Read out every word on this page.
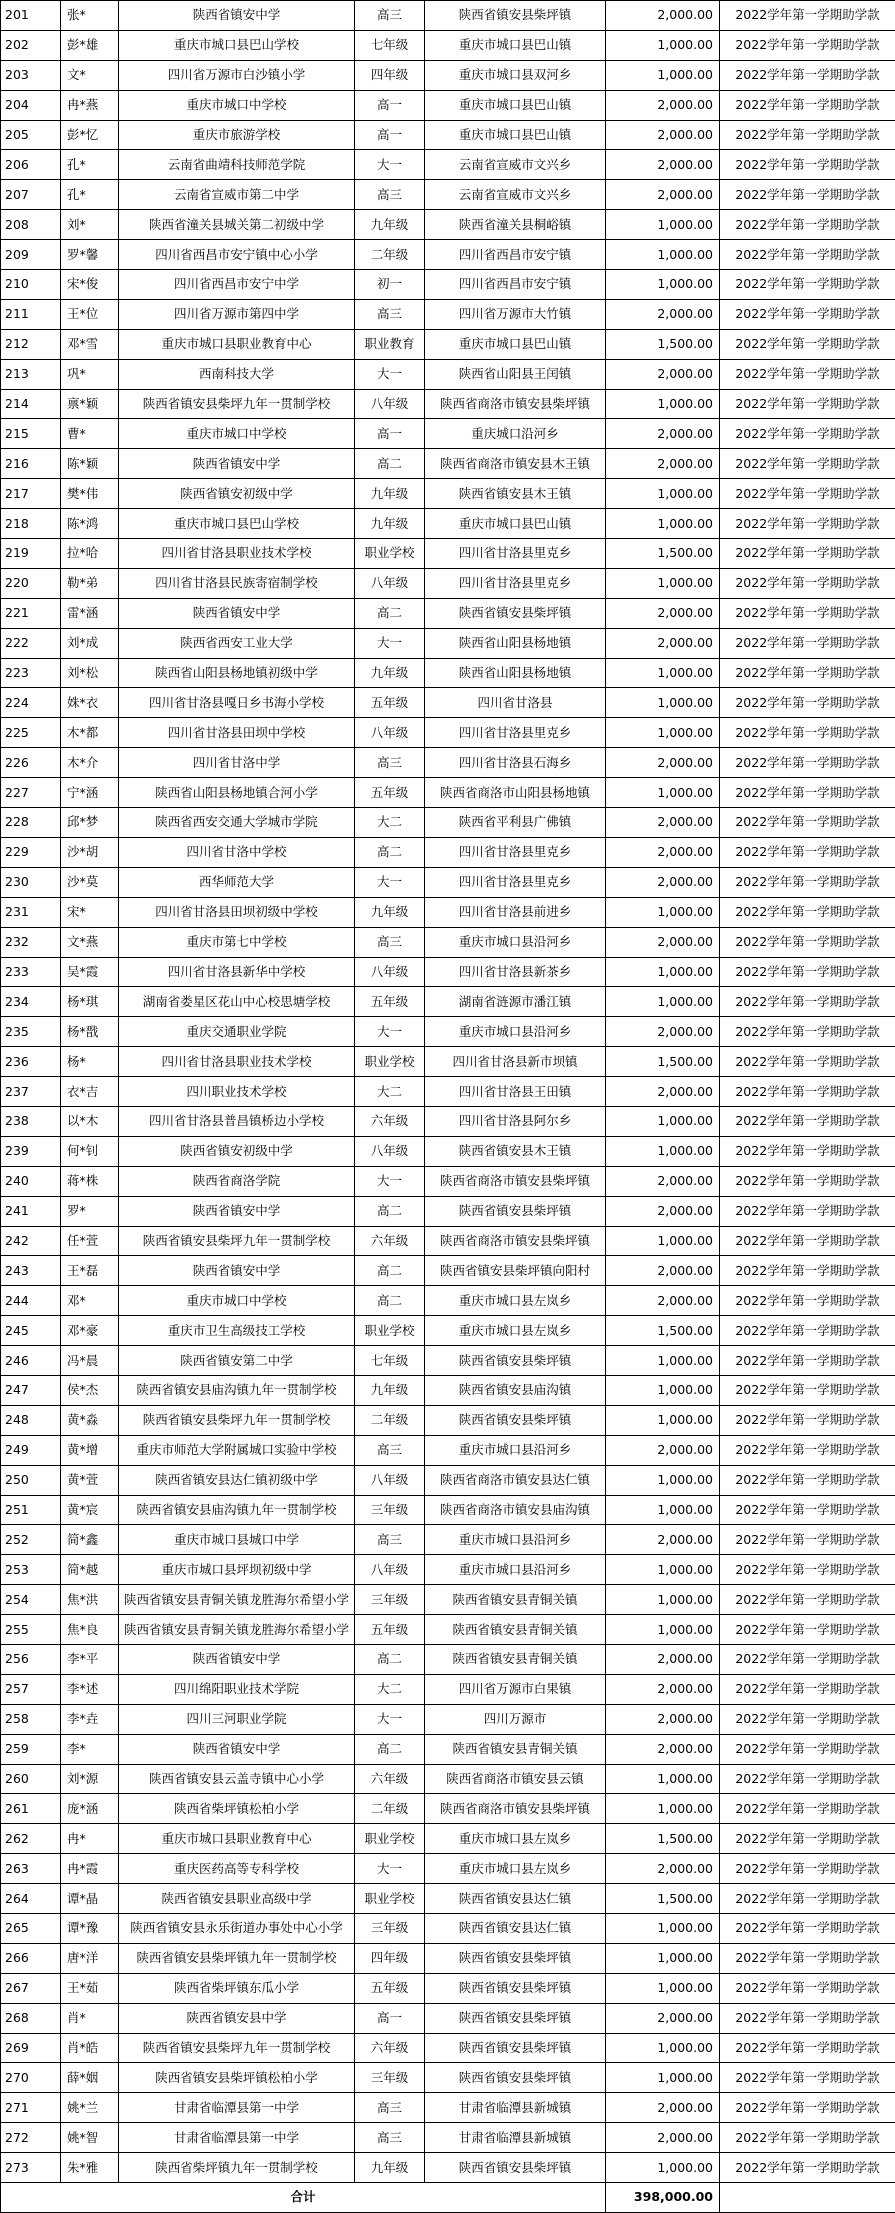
201	张*	陕西省镇安中学	高三	陕西省镇安县柴坪镇	2,000.00	2022学年第一学期助学款
202	彭*雄	重庆市城口县巴山学校	七年级	重庆市城口县巴山镇	1,000.00	2022学年第一学期助学款
203	文*	四川省万源市白沙镇小学	四年级	重庆市城口县双河乡	1,000.00	2022学年第一学期助学款
204	冉*燕	重庆市城口中学校	高一	重庆市城口县巴山镇	2,000.00	2022学年第一学期助学款
205	彭*忆	重庆市旅游学校	高一	重庆市城口县巴山镇	2,000.00	2022学年第一学期助学款
206	孔*	云南省曲靖科技师范学院	大一	云南省宣威市文兴乡	2,000.00	2022学年第一学期助学款
207	孔*	云南省宣威市第二中学	高三	云南省宣威市文兴乡	2,000.00	2022学年第一学期助学款
208	刘*	陕西省潼关县城关第二初级中学	九年级	陕西省潼关县桐峪镇	1,000.00	2022学年第一学期助学款
209	罗*馨	四川省西昌市安宁镇中心小学	二年级	四川省西昌市安宁镇	1,000.00	2022学年第一学期助学款
210	宋*俊	四川省西昌市安宁中学	初一	四川省西昌市安宁镇	1,000.00	2022学年第一学期助学款
211	王*位	四川省万源市第四中学	高三	四川省万源市大竹镇	2,000.00	2022学年第一学期助学款
212	邓*雪	重庆市城口县职业教育中心	职业教育	重庆市城口县巴山镇	1,500.00	2022学年第一学期助学款
213	巩*	西南科技大学	大一	陕西省山阳县王闰镇	2,000.00	2022学年第一学期助学款
214	禀*颖	陕西省镇安县柴坪九年一贯制学校	八年级	陕西省商洛市镇安县柴坪镇	1,000.00	2022学年第一学期助学款
215	曹*	重庆市城口中学校	高一	重庆城口沿河乡	2,000.00	2022学年第一学期助学款
216	陈*颖	陕西省镇安中学	高二	陕西省商洛市镇安县木王镇	2,000.00	2022学年第一学期助学款
217	樊*伟	陕西省镇安初级中学	九年级	陕西省镇安县木王镇	1,000.00	2022学年第一学期助学款
218	陈*鸿	重庆市城口县巴山学校	九年级	重庆市城口县巴山镇	1,000.00	2022学年第一学期助学款
219	拉*哈	四川省甘洛县职业技术学校	职业学校	四川省甘洛县里克乡	1,500.00	2022学年第一学期助学款
220	勒*弟	四川省甘洛县民族寄宿制学校	八年级	四川省甘洛县里克乡	1,000.00	2022学年第一学期助学款
221	雷*涵	陕西省镇安中学	高二	陕西省镇安县柴坪镇	2,000.00	2022学年第一学期助学款
222	刘*成	陕西省西安工业大学	大一	陕西省山阳县杨地镇	2,000.00	2022学年第一学期助学款
223	刘*松	陕西省山阳县杨地镇初级中学	九年级	陕西省山阳县杨地镇	1,000.00	2022学年第一学期助学款
224	姝*衣	四川省甘洛县嘎日乡书海小学校	五年级	四川省甘洛县	1,000.00	2022学年第一学期助学款
225	木*都	四川省甘洛县田坝中学校	八年级	四川省甘洛县里克乡	1,000.00	2022学年第一学期助学款
226	木*介	四川省甘洛中学	高三	四川省甘洛县石海乡	2,000.00	2022学年第一学期助学款
227	宁*涵	陕西省山阳县杨地镇合河小学	五年级	陕西省商洛市山阳县杨地镇	1,000.00	2022学年第一学期助学款
228	邱*梦	陕西省西安交通大学城市学院	大二	陕西省平利县广佛镇	2,000.00	2022学年第一学期助学款
229	沙*胡	四川省甘洛中学校	高二	四川省甘洛县里克乡	2,000.00	2022学年第一学期助学款
230	沙*莫	西华师范大学	大一	四川省甘洛县里克乡	2,000.00	2022学年第一学期助学款
231	宋*	四川省甘洛县田坝初级中学校	九年级	四川省甘洛县前进乡	1,000.00	2022学年第一学期助学款
232	文*燕	重庆市第七中学校	高三	重庆市城口县沿河乡	2,000.00	2022学年第一学期助学款
233	吴*霞	四川省甘洛县新华中学校	八年级	四川省甘洛县新茶乡	1,000.00	2022学年第一学期助学款
234	杨*琪	湖南省娄星区花山中心校思塘学校	五年级	湖南省涟源市潘江镇	1,000.00	2022学年第一学期助学款
235	杨*戬	重庆交通职业学院	大一	重庆市城口县沿河乡	2,000.00	2022学年第一学期助学款
236	杨*	四川省甘洛县职业技术学校	职业学校	四川省甘洛县新市坝镇	1,500.00	2022学年第一学期助学款
237	衣*吉	四川职业技术学校	大二	四川省甘洛县王田镇	2,000.00	2022学年第一学期助学款
238	以*木	四川省甘洛县普昌镇桥边小学校	六年级	四川省甘洛县阿尔乡	1,000.00	2022学年第一学期助学款
239	何*钊	陕西省镇安初级中学	八年级	陕西省镇安县木王镇	1,000.00	2022学年第一学期助学款
240	蒋*株	陕西省商洛学院	大一	陕西省商洛市镇安县柴坪镇	2,000.00	2022学年第一学期助学款
241	罗*	陕西省镇安中学	高二	陕西省镇安县柴坪镇	2,000.00	2022学年第一学期助学款
242	任*萱	陕西省镇安县柴坪九年一贯制学校	六年级	陕西省商洛市镇安县柴坪镇	1,000.00	2022学年第一学期助学款
243	王*磊	陕西省镇安中学	高二	陕西省镇安县柴坪镇向阳村	2,000.00	2022学年第一学期助学款
244	邓*	重庆市城口中学校	高二	重庆市城口县左岚乡	2,000.00	2022学年第一学期助学款
245	邓*豪	重庆市卫生高级技工学校	职业学校	重庆市城口县左岚乡	1,500.00	2022学年第一学期助学款
246	冯*晨	陕西省镇安第二中学	七年级	陕西省镇安县柴坪镇	1,000.00	2022学年第一学期助学款
247	侯*杰	陕西省镇安县庙沟镇九年一贯制学校	九年级	陕西省镇安县庙沟镇	1,000.00	2022学年第一学期助学款
248	黄*淼	陕西省镇安县柴坪九年一贯制学校	二年级	陕西省镇安县柴坪镇	1,000.00	2022学年第一学期助学款
249	黄*增	重庆市师范大学附属城口实验中学校	高三	重庆市城口县沿河乡	2,000.00	2022学年第一学期助学款
250	黄*萱	陕西省镇安县达仁镇初级中学	八年级	陕西省商洛市镇安县达仁镇	1,000.00	2022学年第一学期助学款
251	黄*宸	陕西省镇安县庙沟镇九年一贯制学校	三年级	陕西省商洛市镇安县庙沟镇	1,000.00	2022学年第一学期助学款
252	简*鑫	重庆市城口县城口中学	高三	重庆市城口县沿河乡	2,000.00	2022学年第一学期助学款
253	简*越	重庆市城口县坪坝初级中学	八年级	重庆市城口县沿河乡	1,000.00	2022学年第一学期助学款
254	焦*洪	陕西省镇安县青铜关镇龙胜海尔希望小学	三年级	陕西省镇安县青铜关镇	1,000.00	2022学年第一学期助学款
255	焦*良	陕西省镇安县青铜关镇龙胜海尔希望小学	五年级	陕西省镇安县青铜关镇	1,000.00	2022学年第一学期助学款
256	李*平	陕西省镇安中学	高二	陕西省镇安县青铜关镇	2,000.00	2022学年第一学期助学款
257	李*述	四川绵阳职业技术学院	大二	四川省万源市白果镇	2,000.00	2022学年第一学期助学款
258	李*垚	四川三河职业学院	大一	四川万源市	2,000.00	2022学年第一学期助学款
259	李*	陕西省镇安中学	高二	陕西省镇安县青铜关镇	2,000.00	2022学年第一学期助学款
260	刘*源	陕西省镇安县云盖寺镇中心小学	六年级	陕西省商洛市镇安县云镇	1,000.00	2022学年第一学期助学款
261	庞*涵	陕西省柴坪镇松柏小学	二年级	陕西省商洛市镇安县柴坪镇	1,000.00	2022学年第一学期助学款
262	冉*	重庆市城口县职业教育中心	职业学校	重庆市城口县左岚乡	1,500.00	2022学年第一学期助学款
263	冉*霞	重庆医药高等专科学校	大一	重庆市城口县左岚乡	2,000.00	2022学年第一学期助学款
264	谭*晶	陕西省镇安县职业高级中学	职业学校	陕西省镇安县达仁镇	1,500.00	2022学年第一学期助学款
265	谭*豫	陕西省镇安县永乐街道办事处中心小学	三年级	陕西省镇安县达仁镇	1,000.00	2022学年第一学期助学款
266	唐*洋	陕西省镇安县柴坪镇九年一贯制学校	四年级	陕西省镇安县柴坪镇	1,000.00	2022学年第一学期助学款
267	王*茹	陕西省柴坪镇东瓜小学	五年级	陕西省镇安县柴坪镇	1,000.00	2022学年第一学期助学款
268	肖*	陕西省镇安县中学	高一	陕西省镇安县柴坪镇	2,000.00	2022学年第一学期助学款
269	肖*皓	陕西省镇安县柴坪九年一贯制学校	六年级	陕西省镇安县柴坪镇	1,000.00	2022学年第一学期助学款
270	薛*姻	陕西省镇安县柴坪镇松柏小学	三年级	陕西省镇安县柴坪镇	1,000.00	2022学年第一学期助学款
271	姚*兰	甘肃省临潭县第一中学	高三	甘肃省临潭县新城镇	2,000.00	2022学年第一学期助学款
272	姚*智	甘肃省临潭县第一中学	高三	甘肃省临潭县新城镇	2,000.00	2022学年第一学期助学款
273	朱*雅	陕西省柴坪镇九年一贯制学校	九年级	陕西省镇安县柴坪镇	1,000.00	2022学年第一学期助学款
合计					398,000.00	
